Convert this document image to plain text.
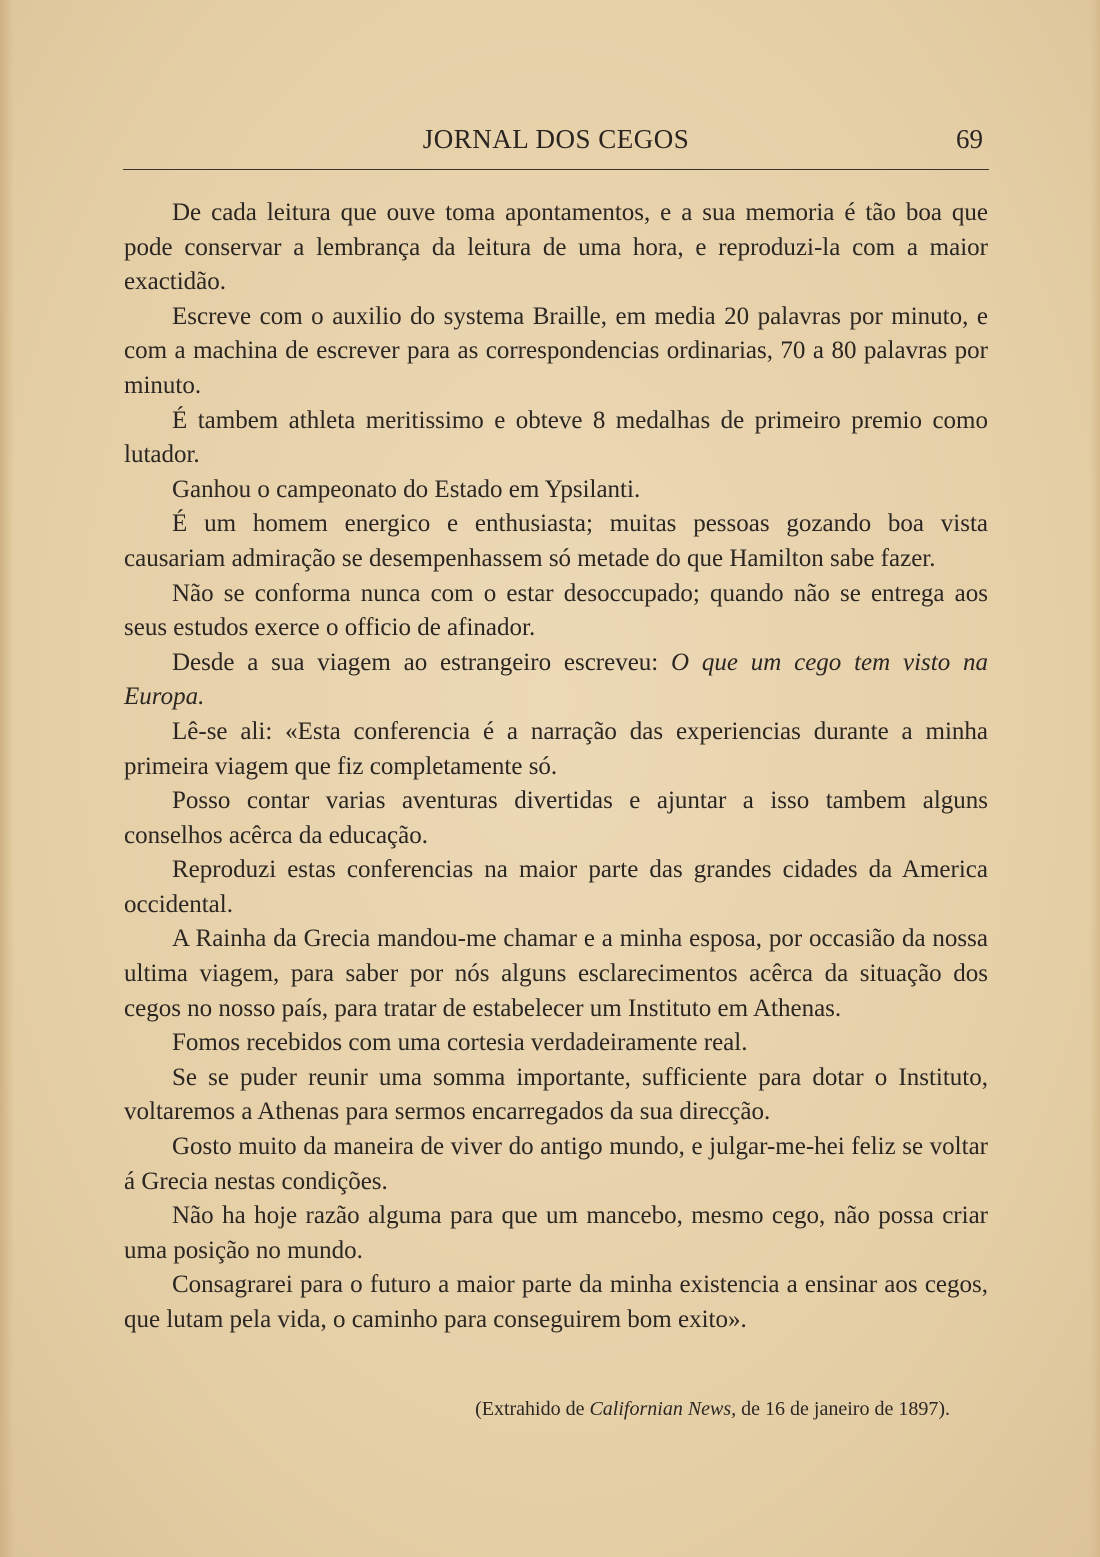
JORNAL DOS CEGOS	69

De cada leitura que ouve toma apontamentos, e a sua memoria é tão boa que pode conservar a lembrança da leitura de uma hora, e reproduzi-la com a maior exactidão.

Escreve com o auxilio do systema Braille, em media 20 palavras por minuto, e com a machina de escrever para as correspondencias ordinarias, 70 a 80 palavras por minuto.

É tambem athleta meritissimo e obteve 8 medalhas de primeiro premio como lutador.

Ganhou o campeonato do Estado em Ypsilanti.

É um homem energico e enthusiasta; muitas pessoas gozando boa vista causariam admiração se desempenhassem só metade do que Hamilton sabe fazer.

Não se conforma nunca com o estar desoccupado; quando não se entrega aos seus estudos exerce o officio de afinador.

Desde a sua viagem ao estrangeiro escreveu: O que um cego tem visto na Europa.

Lê-se ali: «Esta conferencia é a narração das experiencias durante a minha primeira viagem que fiz completamente só.

Posso contar varias aventuras divertidas e ajuntar a isso tambem alguns conselhos acêrca da educação.

Reproduzi estas conferencias na maior parte das grandes cidades da America occidental.

A Rainha da Grecia mandou-me chamar e a minha esposa, por occasião da nossa ultima viagem, para saber por nós alguns esclarecimentos acêrca da situação dos cegos no nosso país, para tratar de estabelecer um Instituto em Athenas.

Fomos recebidos com uma cortesia verdadeiramente real.

Se se puder reunir uma somma importante, sufficiente para dotar o Instituto, voltaremos a Athenas para sermos encarregados da sua direcção.

Gosto muito da maneira de viver do antigo mundo, e julgar-me-hei feliz se voltar á Grecia nestas condições.

Não ha hoje razão alguma para que um mancebo, mesmo cego, não possa criar uma posição no mundo.

Consagrarei para o futuro a maior parte da minha existencia a ensinar aos cegos, que lutam pela vida, o caminho para conseguirem bom exito».

(Extrahido de Californian News, de 16 de janeiro de 1897).
